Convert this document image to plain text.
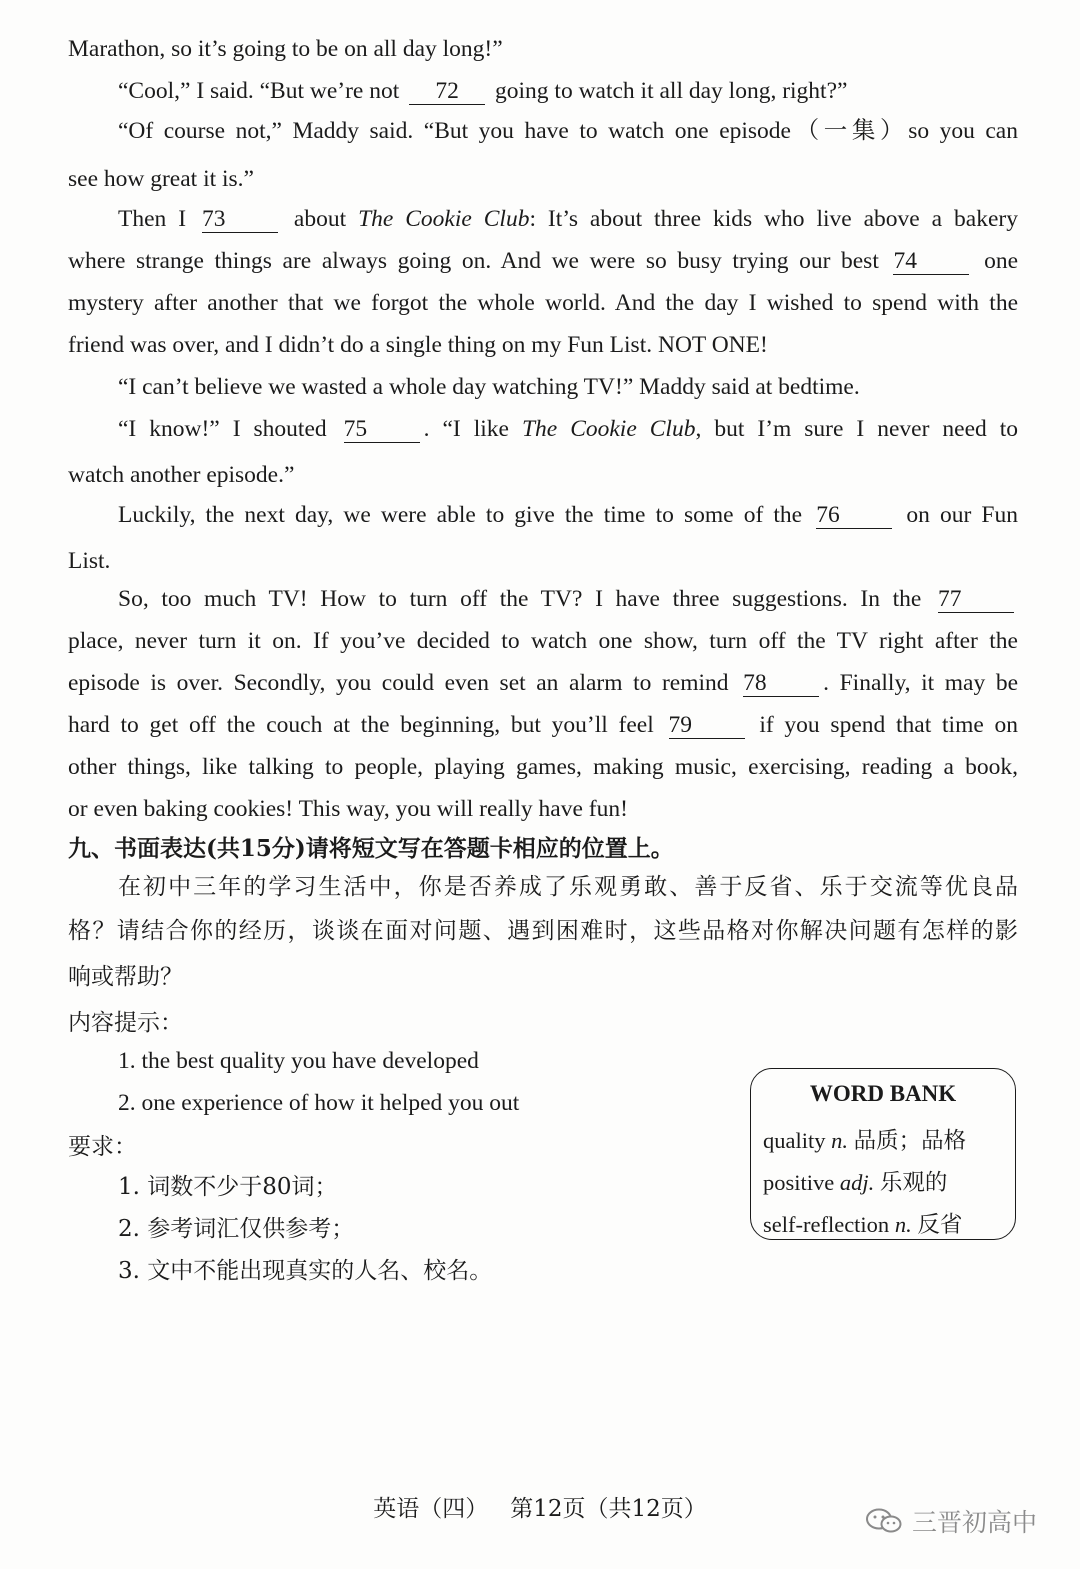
Marathon, so it’s going to be on all day long!”
“Cool,” I said. “But we’re not 72 going to watch it all day long, right?”
“Of course not,” Maddy said. “But you have to watch one episode（一集）so you can
see how great it is.”
Then I 73	about The Cookie Club: It’s about three kids who live above a bakery
where strange things are always going on. And we were so busy trying our best 74	one
mystery after another that we forgot the whole world. And the day I wished to spend with the
friend was over, and I didn’t do a single thing on my Fun List. NOT ONE!
“I can’t believe we wasted a whole day watching TV!” Maddy said at bedtime.
“I know!” I shouted 75 . “I like The Cookie Club, but I’m sure I never need to
watch another episode.”
Luckily, the next day, we were able to give the time to some of the 76	on our Fun
List.
So, too much TV! How to turn off the TV? I have three suggestions. In the 77
place, never turn it on. If you’ve decided to watch one show, turn off the TV right after the
episode is over. Secondly, you could even set an alarm to remind 78 . Finally, it may be
hard to get off the couch at the beginning, but you’ll feel 79	if you spend that time on
other things, like talking to people, playing games, making music, exercising, reading a book,
or even baking cookies! This way, you will really have fun!
九、书面表达(共15分)请将短文写在答题卡相应的位置上。
在初中三年的学习生活中，你是否养成了乐观勇敢、善于反省、乐于交流等优良品
格？请结合你的经历，谈谈在面对问题、遇到困难时，这些品格对你解决问题有怎样的影
响或帮助？
内容提示：
1. the best quality you have developed
2. one experience of how it helped you out
要求：
1. 词数不少于80词；
2. 参考词汇仅供参考；
3. 文中不能出现真实的人名、校名。
WORD BANK
quality n. 品质；品格
positive adj. 乐观的
self-reflection n. 反省
英语（四）   第12页（共12页）	三晋初高中
